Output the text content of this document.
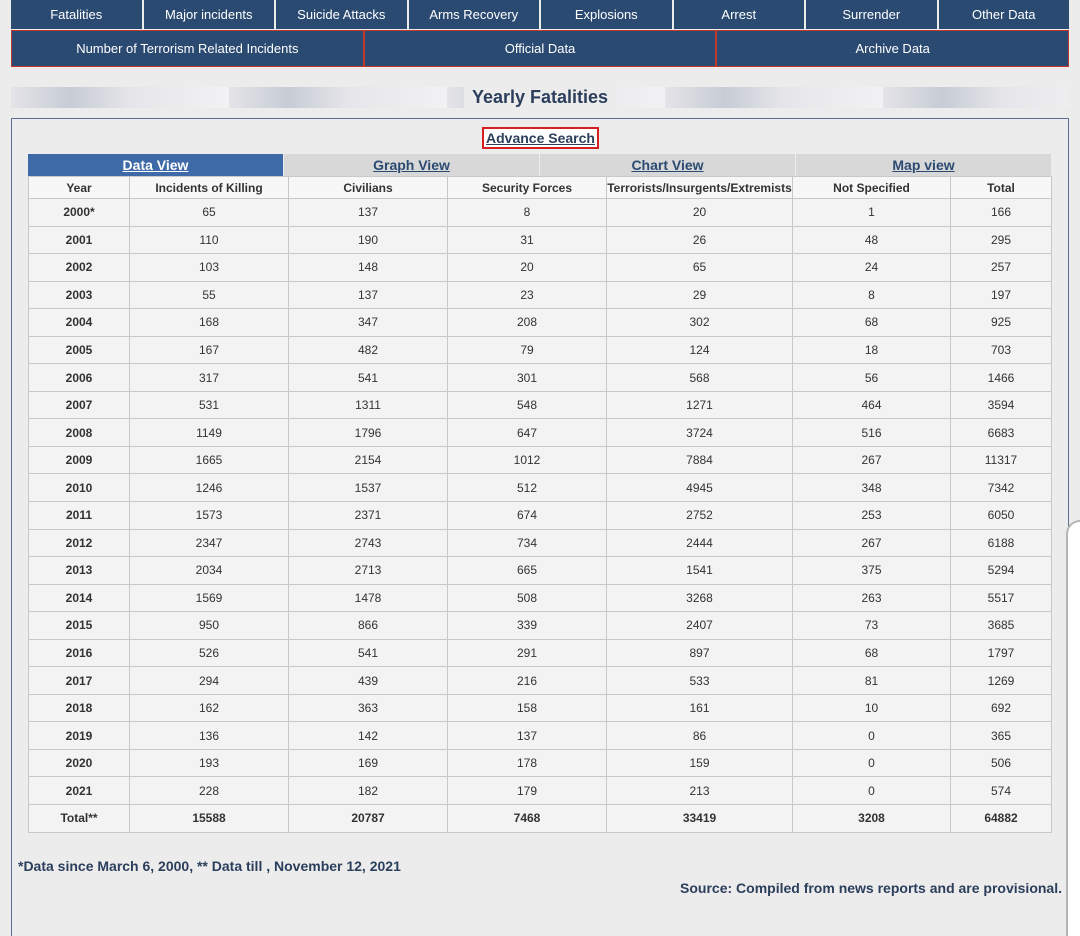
Fatalities	Major incidents	Suicide Attacks	Arms Recovery	Explosions	Arrest	Surrender	Other Data
Number of Terrorism Related Incidents	Official Data	Archive Data
Yearly Fatalities
Advance Search
Data View	Graph View	Chart View	Map view
Year	Incidents of Killing	Civilians	Security Forces	Terrorists/Insurgents/Extremists	Not Specified	Total
2000*	65	137	8	20	1	166
2001	110	190	31	26	48	295
2002	103	148	20	65	24	257
2003	55	137	23	29	8	197
2004	168	347	208	302	68	925
2005	167	482	79	124	18	703
2006	317	541	301	568	56	1466
2007	531	1311	548	1271	464	3594
2008	1149	1796	647	3724	516	6683
2009	1665	2154	1012	7884	267	11317
2010	1246	1537	512	4945	348	7342
2011	1573	2371	674	2752	253	6050
2012	2347	2743	734	2444	267	6188
2013	2034	2713	665	1541	375	5294
2014	1569	1478	508	3268	263	5517
2015	950	866	339	2407	73	3685
2016	526	541	291	897	68	1797
2017	294	439	216	533	81	1269
2018	162	363	158	161	10	692
2019	136	142	137	86	0	365
2020	193	169	178	159	0	506
2021	228	182	179	213	0	574
Total**	15588	20787	7468	33419	3208	64882
*Data since March 6, 2000, ** Data till , November 12, 2021
Source: Compiled from news reports and are provisional.
